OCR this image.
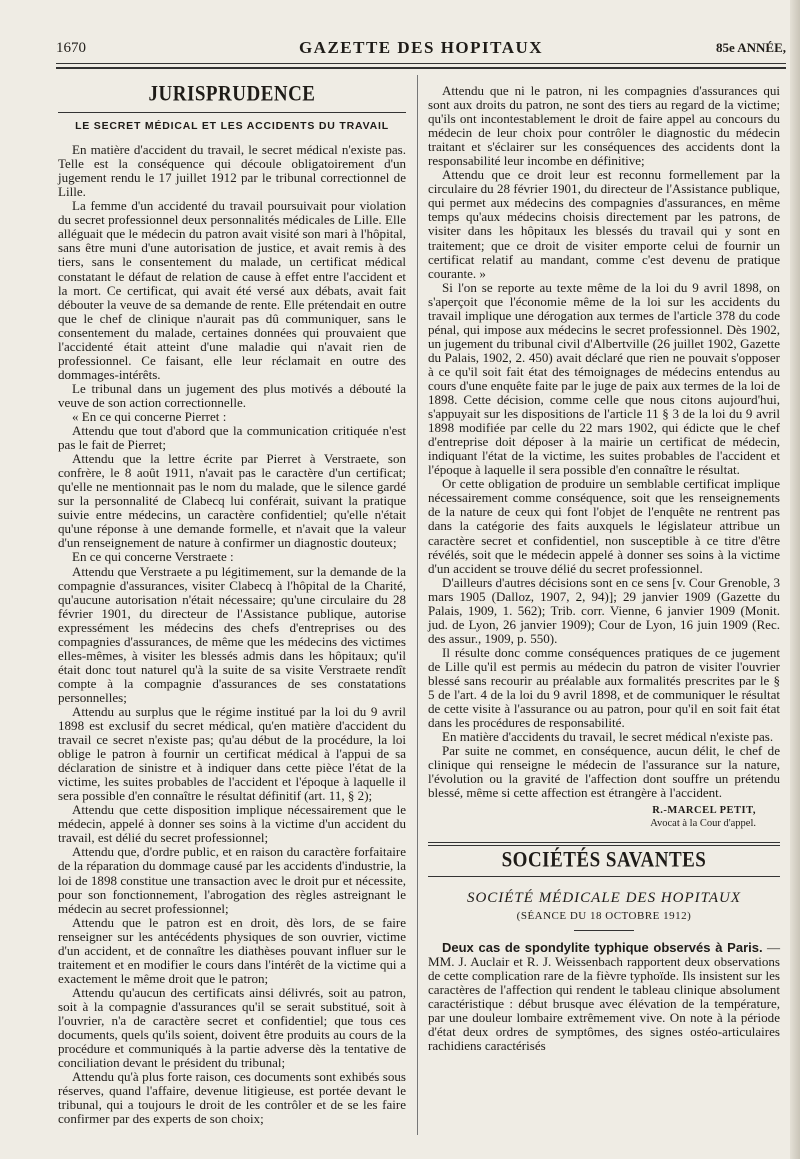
1670	GAZETTE DES HOPITAUX	85e ANNÉE,
JURISPRUDENCE
LE SECRET MÉDICAL ET LES ACCIDENTS DU TRAVAIL

En matière d'accident du travail, le secret médical n'existe pas. Telle est la conséquence qui découle obligatoirement d'un jugement rendu le 17 juillet 1912 par le tribunal correctionnel de Lille.

La femme d'un accidenté du travail poursuivait pour violation du secret professionnel deux personnalités médicales de Lille. Elle alléguait que le médecin du patron avait visité son mari à l'hôpital, sans être muni d'une autorisation de justice, et avait remis à des tiers, sans le consentement du malade, un certificat médical constatant le défaut de relation de cause à effet entre l'accident et la mort. Ce certificat, qui avait été versé aux débats, avait fait débouter la veuve de sa demande de rente. Elle prétendait en outre que le chef de clinique n'aurait pas dû communiquer, sans le consentement du malade, certaines données qui prouvaient que l'accidenté était atteint d'une maladie qui n'avait rien de professionnel. Ce faisant, elle leur réclamait en outre des dommages-intérêts.

Le tribunal dans un jugement des plus motivés a débouté la veuve de son action correctionnelle.

« En ce qui concerne Pierret :

Attendu que tout d'abord que la communication critiquée n'est pas le fait de Pierret;

Attendu que la lettre écrite par Pierret à Verstraete, son confrère, le 8 août 1911, n'avait pas le caractère d'un certificat; qu'elle ne mentionnait pas le nom du malade, que le silence gardé sur la personnalité de Clabecq lui conférait, suivant la pratique suivie entre médecins, un caractère confidentiel; qu'elle n'était qu'une réponse à une demande formelle, et n'avait que la valeur d'un renseignement de nature à confirmer un diagnostic douteux;

En ce qui concerne Verstraete :

Attendu que Verstraete a pu légitimement, sur la demande de la compagnie d'assurances, visiter Clabecq à l'hôpital de la Charité, qu'aucune autorisation n'était nécessaire; qu'une circulaire du 28 février 1901, du directeur de l'Assistance publique, autorise expressément les médecins des chefs d'entreprises ou des compagnies d'assurances, de même que les médecins des victimes elles-mêmes, à visiter les blessés admis dans les hôpitaux; qu'il était donc tout naturel qu'à la suite de sa visite Verstraete rendît compte à la compagnie d'assurances de ses constatations personnelles;

Attendu au surplus que le régime institué par la loi du 9 avril 1898 est exclusif du secret médical, qu'en matière d'accident du travail ce secret n'existe pas; qu'au début de la procédure, la loi oblige le patron à fournir un certificat médical à l'appui de sa déclaration de sinistre et à indiquer dans cette pièce l'état de la victime, les suites probables de l'accident et l'époque à laquelle il sera possible d'en connaître le résultat définitif (art. 11, § 2);

Attendu que cette disposition implique nécessairement que le médecin, appelé à donner ses soins à la victime d'un accident du travail, est délié du secret professionnel;

Attendu que, d'ordre public, et en raison du caractère forfaitaire de la réparation du dommage causé par les accidents d'industrie, la loi de 1898 constitue une transaction avec le droit pur et nécessite, pour son fonctionnement, l'abrogation des règles astreignant le médecin au secret professionnel;

Attendu que le patron est en droit, dès lors, de se faire renseigner sur les antécédents physiques de son ouvrier, victime d'un accident, et de connaître les diathèses pouvant influer sur le traitement et en modifier le cours dans l'intérêt de la victime qui a exactement le même droit que le patron;

Attendu qu'aucun des certificats ainsi délivrés, soit au patron, soit à la compagnie d'assurances qu'il se serait substitué, soit à l'ouvrier, n'a de caractère secret et confidentiel; que tous ces documents, quels qu'ils soient, doivent être produits au cours de la procédure et communiqués à la partie adverse dès la tentative de conciliation devant le président du tribunal;

Attendu qu'à plus forte raison, ces documents sont exhibés sous réserves, quand l'affaire, devenue litigieuse, est portée devant le tribunal, qui a toujours le droit de les contrôler et de se les faire confirmer par des experts de son choix;

Attendu que ni le patron, ni les compagnies d'assurances qui sont aux droits du patron, ne sont des tiers au regard de la victime; qu'ils ont incontestablement le droit de faire appel au concours du médecin de leur choix pour contrôler le diagnostic du médecin traitant et s'éclairer sur les conséquences des accidents dont la responsabilité leur incombe en définitive;

Attendu que ce droit leur est reconnu formellement par la circulaire du 28 février 1901, du directeur de l'Assistance publique, qui permet aux médecins des compagnies d'assurances, en même temps qu'aux médecins choisis directement par les patrons, de visiter dans les hôpitaux les blessés du travail qui y sont en traitement; que ce droit de visiter emporte celui de fournir un certificat relatif au mandant, comme c'est devenu de pratique courante. »

Si l'on se reporte au texte même de la loi du 9 avril 1898, on s'aperçoit que l'économie même de la loi sur les accidents du travail implique une dérogation aux termes de l'article 378 du code pénal, qui impose aux médecins le secret professionnel. Dès 1902, un jugement du tribunal civil d'Albertville (26 juillet 1902, Gazette du Palais, 1902, 2. 450) avait déclaré que rien ne pouvait s'opposer à ce qu'il soit fait état des témoignages de médecins entendus au cours d'une enquête faite par le juge de paix aux termes de la loi de 1898. Cette décision, comme celle que nous citons aujourd'hui, s'appuyait sur les dispositions de l'article 11 § 3 de la loi du 9 avril 1898 modifiée par celle du 22 mars 1902, qui édicte que le chef d'entreprise doit déposer à la mairie un certificat de médecin, indiquant l'état de la victime, les suites probables de l'accident et l'époque à laquelle il sera possible d'en connaître le résultat.

Or cette obligation de produire un semblable certificat implique nécessairement comme conséquence, soit que les renseignements de la nature de ceux qui font l'objet de l'enquête ne rentrent pas dans la catégorie des faits auxquels le législateur attribue un caractère secret et confidentiel, non susceptible à ce titre d'être révélés, soit que le médecin appelé à donner ses soins à la victime d'un accident se trouve délié du secret professionnel.

D'ailleurs d'autres décisions sont en ce sens [v. Cour Grenoble, 3 mars 1905 (Dalloz, 1907, 2, 94)]; 29 janvier 1909 (Gazette du Palais, 1909, 1. 562); Trib. corr. Vienne, 6 janvier 1909 (Monit. jud. de Lyon, 26 janvier 1909); Cour de Lyon, 16 juin 1909 (Rec. des assur., 1909, p. 550).

Il résulte donc comme conséquences pratiques de ce jugement de Lille qu'il est permis au médecin du patron de visiter l'ouvrier blessé sans recourir au préalable aux formalités prescrites par le § 5 de l'art. 4 de la loi du 9 avril 1898, et de communiquer le résultat de cette visite à l'assurance ou au patron, pour qu'il en soit fait état dans les procédures de responsabilité.

En matière d'accidents du travail, le secret médical n'existe pas.

Par suite ne commet, en conséquence, aucun délit, le chef de clinique qui renseigne le médecin de l'assurance sur la nature, l'évolution ou la gravité de l'affection dont souffre un prétendu blessé, même si cette affection est étrangère à l'accident.

R.-MARCEL PETIT,
Avocat à la Cour d'appel.
SOCIÉTÉS SAVANTES
SOCIÉTÉ MÉDICALE DES HOPITAUX
(SÉANCE DU 18 OCTOBRE 1912)

Deux cas de spondylite typhique observés à Paris. — MM. J. Auclair et R. J. Weissenbach rapportent deux observations de cette complication rare de la fièvre typhoïde. Ils insistent sur les caractères de l'affection qui rendent le tableau clinique absolument caractéristique : début brusque avec élévation de la température, par une douleur lombaire extrêmement vive. On note à la période d'état deux ordres de symptômes, des signes ostéo-articulaires rachidiens caractérisés
